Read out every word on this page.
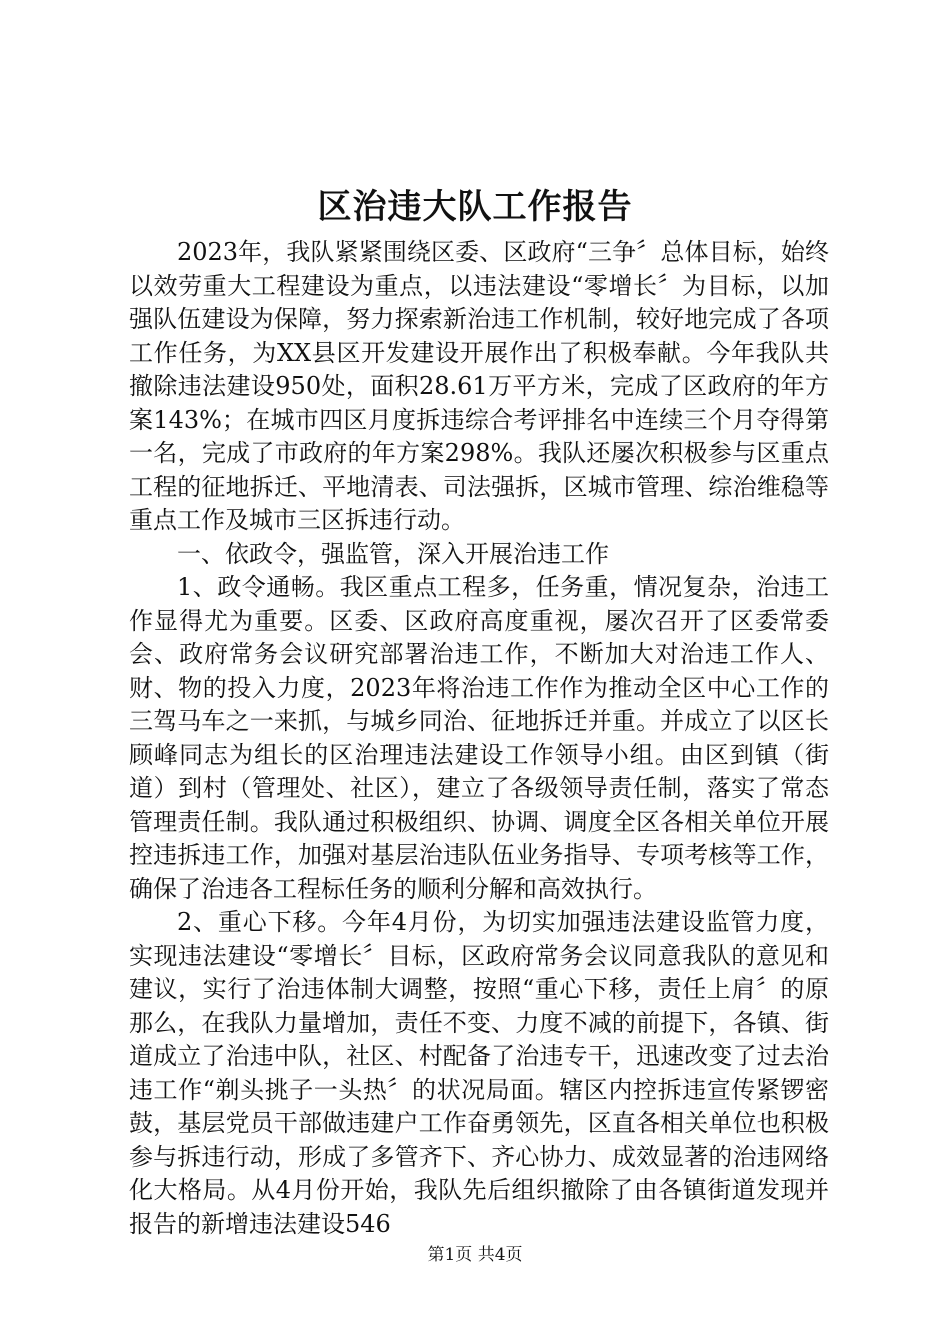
区治违大队工作报告

2023年，我队紧紧围绕区委、区政府“三争〞总体目标，始终以效劳重大工程建设为重点，以违法建设“零增长〞为目标，以加强队伍建设为保障，努力探索新治违工作机制，较好地完成了各项工作任务，为XX县区开发建设开展作出了积极奉献。今年我队共撤除违法建设950处，面积28.61万平方米，完成了区政府的年方案143%；在城市四区月度拆违综合考评排名中连续三个月夺得第一名，完成了市政府的年方案298%。我队还屡次积极参与区重点工程的征地拆迁、平地清表、司法强拆，区城市管理、综治维稳等重点工作及城市三区拆违行动。

一、依政令，强监管，深入开展治违工作

1、政令通畅。我区重点工程多，任务重，情况复杂，治违工作显得尤为重要。区委、区政府高度重视，屡次召开了区委常委会、政府常务会议研究部署治违工作，不断加大对治违工作人、财、物的投入力度，2023年将治违工作作为推动全区中心工作的三驾马车之一来抓，与城乡同治、征地拆迁并重。并成立了以区长顾峰同志为组长的区治理违法建设工作领导小组。由区到镇（街道）到村（管理处、社区），建立了各级领导责任制，落实了常态管理责任制。我队通过积极组织、协调、调度全区各相关单位开展控违拆违工作，加强对基层治违队伍业务指导、专项考核等工作，确保了治违各工程标任务的顺利分解和高效执行。

2、重心下移。今年4月份，为切实加强违法建设监管力度，实现违法建设“零增长〞目标，区政府常务会议同意我队的意见和建议，实行了治违体制大调整，按照“重心下移，责任上肩〞的原那么，在我队力量增加，责任不变、力度不减的前提下，各镇、街道成立了治违中队，社区、村配备了治违专干，迅速改变了过去治违工作“剃头挑子一头热〞的状况局面。辖区内控拆违宣传紧锣密鼓，基层党员干部做违建户工作奋勇领先，区直各相关单位也积极参与拆违行动，形成了多管齐下、齐心协力、成效显著的治违网络化大格局。从4月份开始，我队先后组织撤除了由各镇街道发现并报告的新增违法建设546

第1页 共4页
